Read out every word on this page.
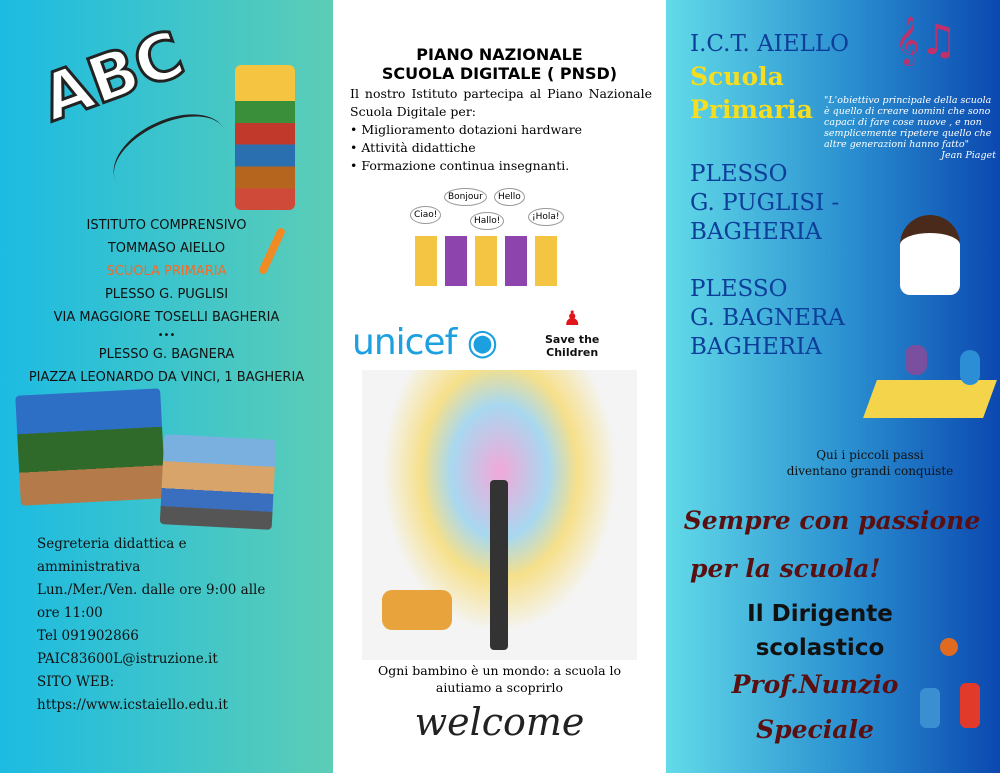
ABC
ISTITUTO COMPRENSIVO
TOMMASO AIELLO
SCUOLA PRIMARIA
PLESSO G. PUGLISI
VIA MAGGIORE TOSELLI BAGHERIA
•••
PLESSO G. BAGNERA
PIAZZA LEONARDO DA VINCI, 1 BAGHERIA
Segreteria didattica e
amministrativa
Lun./Mer./Ven. dalle ore 9:00 alle
ore 11:00
Tel 091902866
PAIC83600L@istruzione.it
SITO WEB:
https://www.icstaiello.edu.it
PIANO NAZIONALE
SCUOLA DIGITALE ( PNSD)
Il nostro Istituto partecipa al Piano Nazionale Scuola Digitale per:
• Miglioramento dotazioni hardware
• Attività didattiche
• Formazione continua insegnanti.
Ciao!
Bonjour	Hello
Hallo!	¡Hola!
unicef ◉
♟
Save the
Children
Ogni bambino è un mondo: a scuola lo
aiutiamo a scoprirlo
welcome
I.C.T. AIELLO
Scuola
Primaria
𝄞♫
"L'obiettivo principale della scuola è quello di creare uomini che sono capaci di fare cose nuove , e non semplicemente ripetere quello che altre generazioni hanno fatto"
Jean Piaget
PLESSO
G. PUGLISI -
BAGHERIA
PLESSO
G. BAGNERA
BAGHERIA
Qui i piccoli passi
diventano grandi conquiste
Sempre con passione
per la scuola!
Il Dirigente
scolastico
Prof.Nunzio
Speciale
